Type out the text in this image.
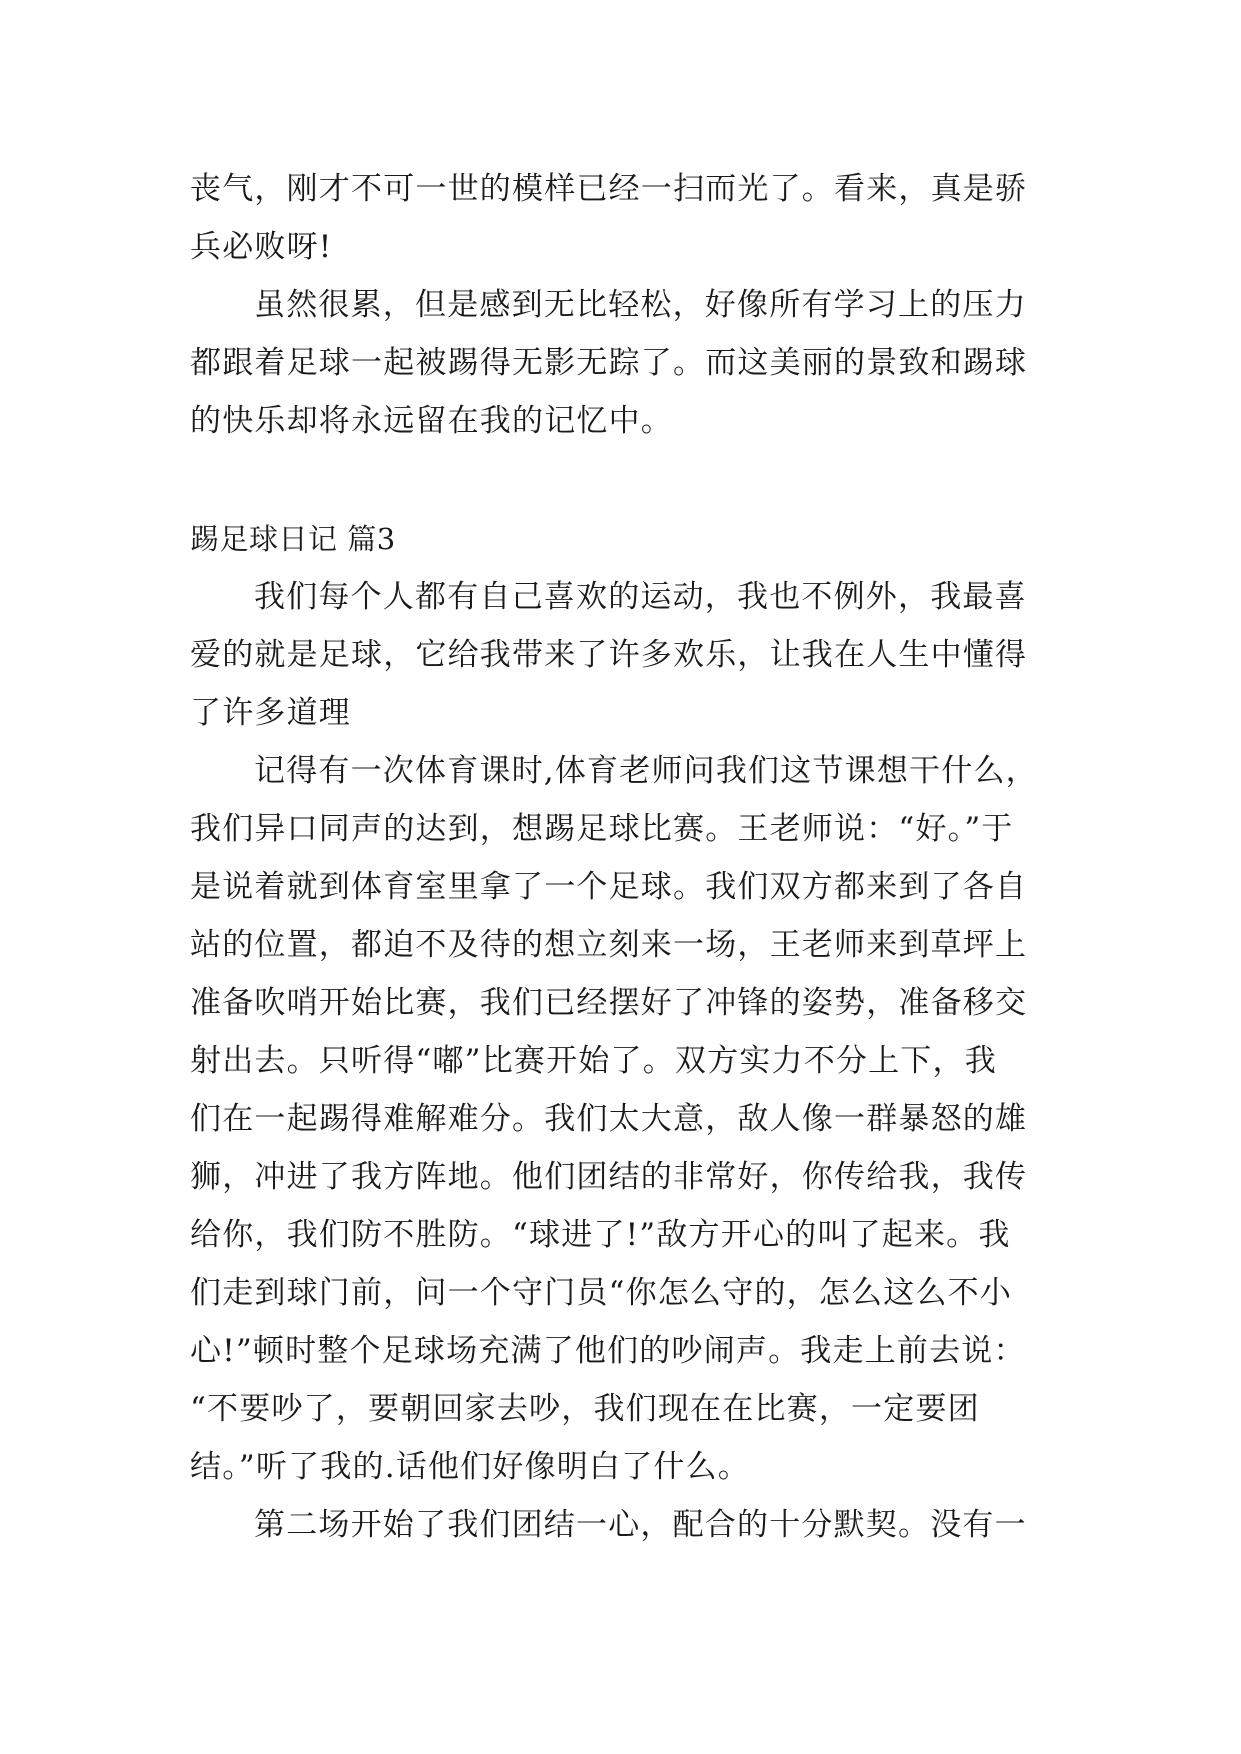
丧气，刚才不可一世的模样已经一扫而光了。看来，真是骄
兵必败呀!
虽然很累，但是感到无比轻松，好像所有学习上的压力
都跟着足球一起被踢得无影无踪了。而这美丽的景致和踢球
的快乐却将永远留在我的记忆中。
踢足球日记 篇3
我们每个人都有自己喜欢的运动，我也不例外，我最喜
爱的就是足球，它给我带来了许多欢乐，让我在人生中懂得
了许多道理
记得有一次体育课时,体育老师问我们这节课想干什么，
我们异口同声的达到，想踢足球比赛。王老师说：“好。”于
是说着就到体育室里拿了一个足球。我们双方都来到了各自
站的位置，都迫不及待的想立刻来一场，王老师来到草坪上
准备吹哨开始比赛，我们已经摆好了冲锋的姿势，准备移交
射出去。只听得“嘟”比赛开始了。双方实力不分上下，我
们在一起踢得难解难分。我们太大意，敌人像一群暴怒的雄
狮，冲进了我方阵地。他们团结的非常好，你传给我，我传
给你，我们防不胜防。“球进了!”敌方开心的叫了起来。我
们走到球门前，问一个守门员“你怎么守的，怎么这么不小
心!”顿时整个足球场充满了他们的吵闹声。我走上前去说：
“不要吵了，要朝回家去吵，我们现在在比赛，一定要团
结。”听了我的.话他们好像明白了什么。
第二场开始了我们团结一心，配合的十分默契。没有一
